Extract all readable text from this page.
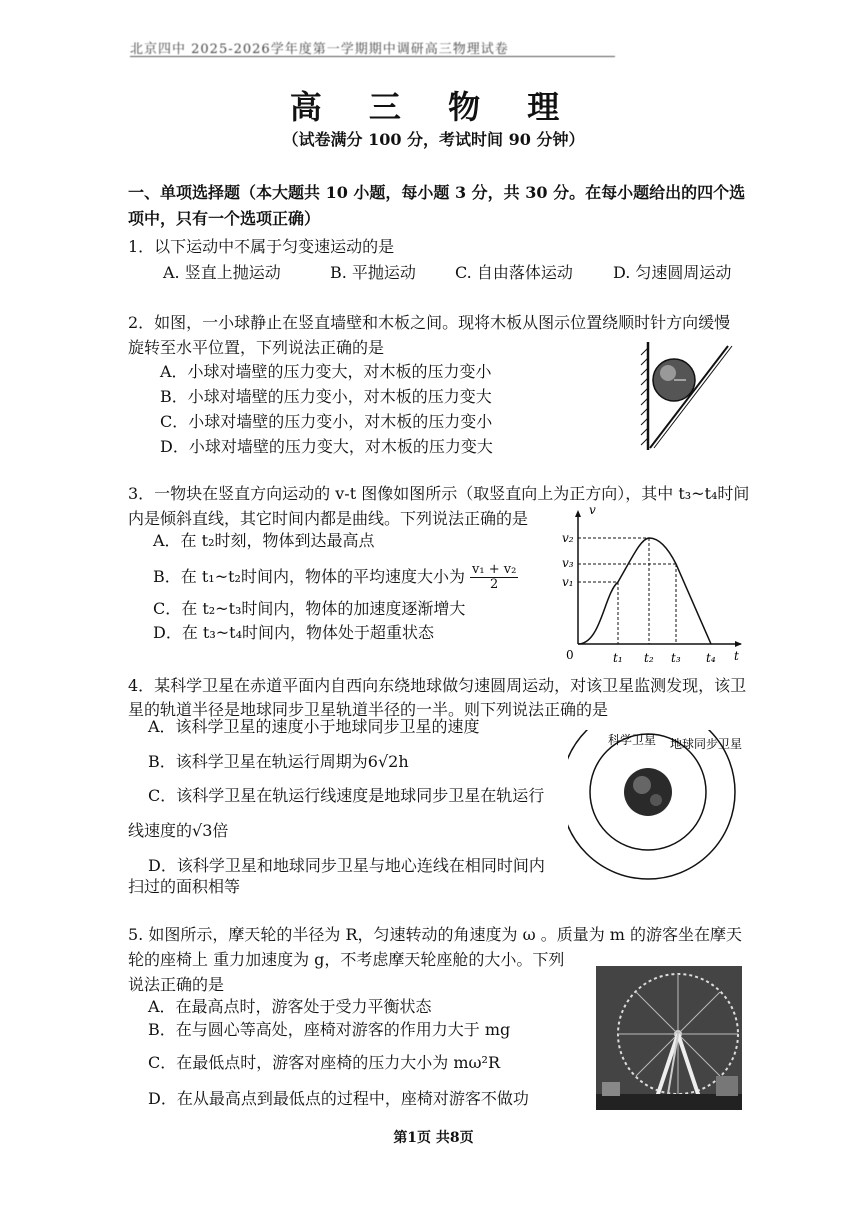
北京四中 2025-2026学年度第一学期期中调研高三物理试卷
高 三 物 理
（试卷满分 100 分，考试时间 90 分钟）
一、单项选择题（本大题共 10 小题，每小题 3 分，共 30 分。在每小题给出的四个选
项中，只有一个选项正确）
1．以下运动中不属于匀变速运动的是
A. 竖直上抛运动	B. 平抛运动 C. 自由落体运动	D. 匀速圆周运动
2．如图，一小球静止在竖直墙壁和木板之间。现将木板从图示位置绕顺时针方向缓慢
旋转至水平位置，下列说法正确的是
A．小球对墙壁的压力变大，对木板的压力变小
B．小球对墙壁的压力变小，对木板的压力变大
C．小球对墙壁的压力变小，对木板的压力变小
D．小球对墙壁的压力变大，对木板的压力变大
3．一物块在竖直方向运动的 v-t 图像如图所示（取竖直向上为正方向），其中 t₃~t₄时间
内是倾斜直线，其它时间内都是曲线。下列说法正确的是
A．在 t₂时刻，物体到达最高点
B．在 t₁~t₂时间内，物体的平均速度大小为 $\frac{\text{v₁ + v₂}}{2}$
C．在 t₂~t₃时间内，物体的加速度逐渐增大
D．在 t₃~t₄时间内，物体处于超重状态
v
t
0
v₂
v₃
v₁
t₁ t₂ t₃ t₄
4．某科学卫星在赤道平面内自西向东绕地球做匀速圆周运动，对该卫星监测发现，该卫
星的轨道半径是地球同步卫星轨道半径的一半。则下列说法正确的是
A．该科学卫星的速度小于地球同步卫星的速度
B．该科学卫星在轨运行周期为6√2h
C．该科学卫星在轨运行线速度是地球同步卫星在轨运行
线速度的√3倍
D．该科学卫星和地球同步卫星与地心连线在相同时间内
扫过的面积相等
科学卫星 地球同步卫星
5. 如图所示，摩天轮的半径为 R，匀速转动的角速度为 ω 。质量为 m 的游客坐在摩天
轮的座椅上 重力加速度为 g，不考虑摩天轮座舱的大小。下列
说法正确的是
A．在最高点时，游客处于受力平衡状态
B．在与圆心等高处，座椅对游客的作用力大于 mg
C．在最低点时，游客对座椅的压力大小为 mω²R
D．在从最高点到最低点的过程中，座椅对游客不做功
第1页 共8页
